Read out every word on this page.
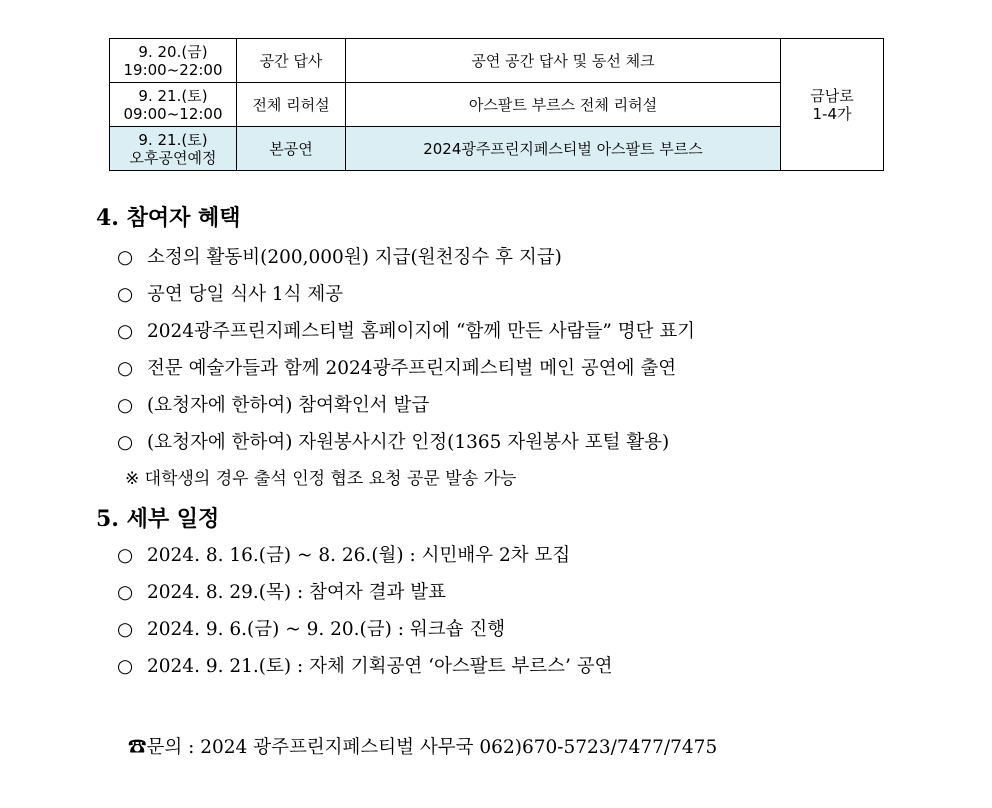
9. 20.(금)
19:00~22:00	공간 답사	공연 공간 답사 및 동선 체크	금남로
1-4가

9. 21.(토)
09:00~12:00	전체 리허설	아스팔트 부르스 전체 리허설	

9. 21.(토)
오후공연예정	본공연	2024광주프린지페스티벌 아스팔트 부르스	
4. 참여자 혜택
○ 소정의 활동비(200,000원) 지급(원천징수 후 지급)
○ 공연 당일 식사 1식 제공
○ 2024광주프린지페스티벌 홈페이지에 “함께 만든 사람들” 명단 표기
○ 전문 예술가들과 함께 2024광주프린지페스티벌 메인 공연에 출연
○ (요청자에 한하여) 참여확인서 발급
○ (요청자에 한하여) 자원봉사시간 인정(1365 자원봉사 포털 활용)
※ 대학생의 경우 출석 인정 협조 요청 공문 발송 가능
5. 세부 일정
○ 2024. 8. 16.(금) ~ 8. 26.(월) : 시민배우 2차 모집
○ 2024. 8. 29.(목) : 참여자 결과 발표
○ 2024. 9. 6.(금) ~ 9. 20.(금) : 워크숍 진행
○ 2024. 9. 21.(토) : 자체 기획공연 ‘아스팔트 부르스’ 공연
☎문의 : 2024 광주프린지페스티벌 사무국 062)670-5723/7477/7475
